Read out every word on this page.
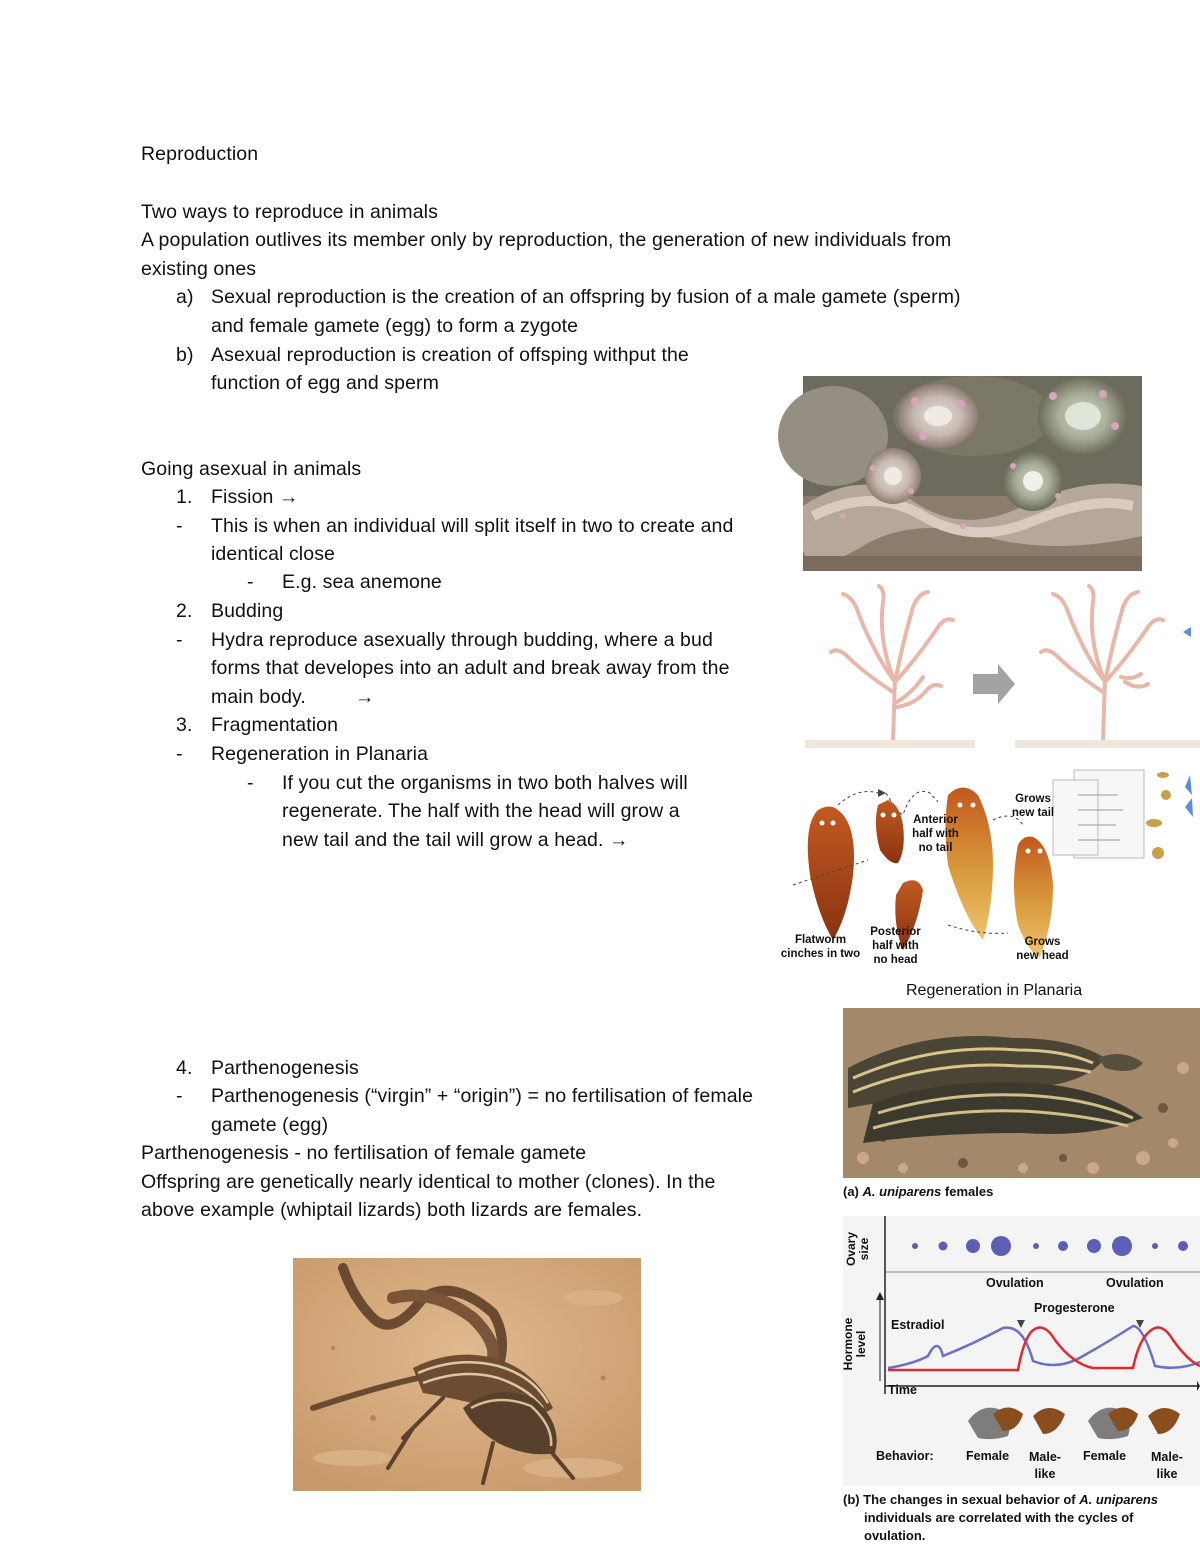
Reproduction
Two ways to reproduce in animals
A population outlives its member only by reproduction, the generation of new individuals from
existing ones
a) Sexual reproduction is the creation of an offspring by fusion of a male gamete (sperm)
and female gamete (egg) to form a zygote
b) Asexual reproduction is creation of offsping withput the
function of egg and sperm
Going asexual in animals
1. Fission →
- This is when an individual will split itself in two to create and
identical close
- E.g. sea anemone
2. Budding
- Hydra reproduce asexually through budding, where a bud
forms that developes into an adult and break away from the
main body.	→
3. Fragmentation
- Regeneration in Planaria
- If you cut the organisms in two both halves will
regenerate. The half with the head will grow a
new tail and the tail will grow a head. →
4. Parthenogenesis
- Parthenogenesis (“virgin” + “origin”) = no fertilisation of female
gamete (egg)
Parthenogenesis - no fertilisation of female gamete
Offspring are genetically nearly identical to mother (clones). In the
above example (whiptail lizards) both lizards are females.
Flatworm
cinches in two
Anterior
half with
no tail
Posterior
half with
no head
Grows
new tail
Grows
new head
Regeneration in Planaria
(a) A. uniparens females
Ovary size
Hormone level
Ovulation	Ovulation
Progesterone
Estradiol
Time
Behavior:	Female Male-
like
Female Male-
like
(b) The changes in sexual behavior of A. uniparens
individuals are correlated with the cycles of
ovulation.
